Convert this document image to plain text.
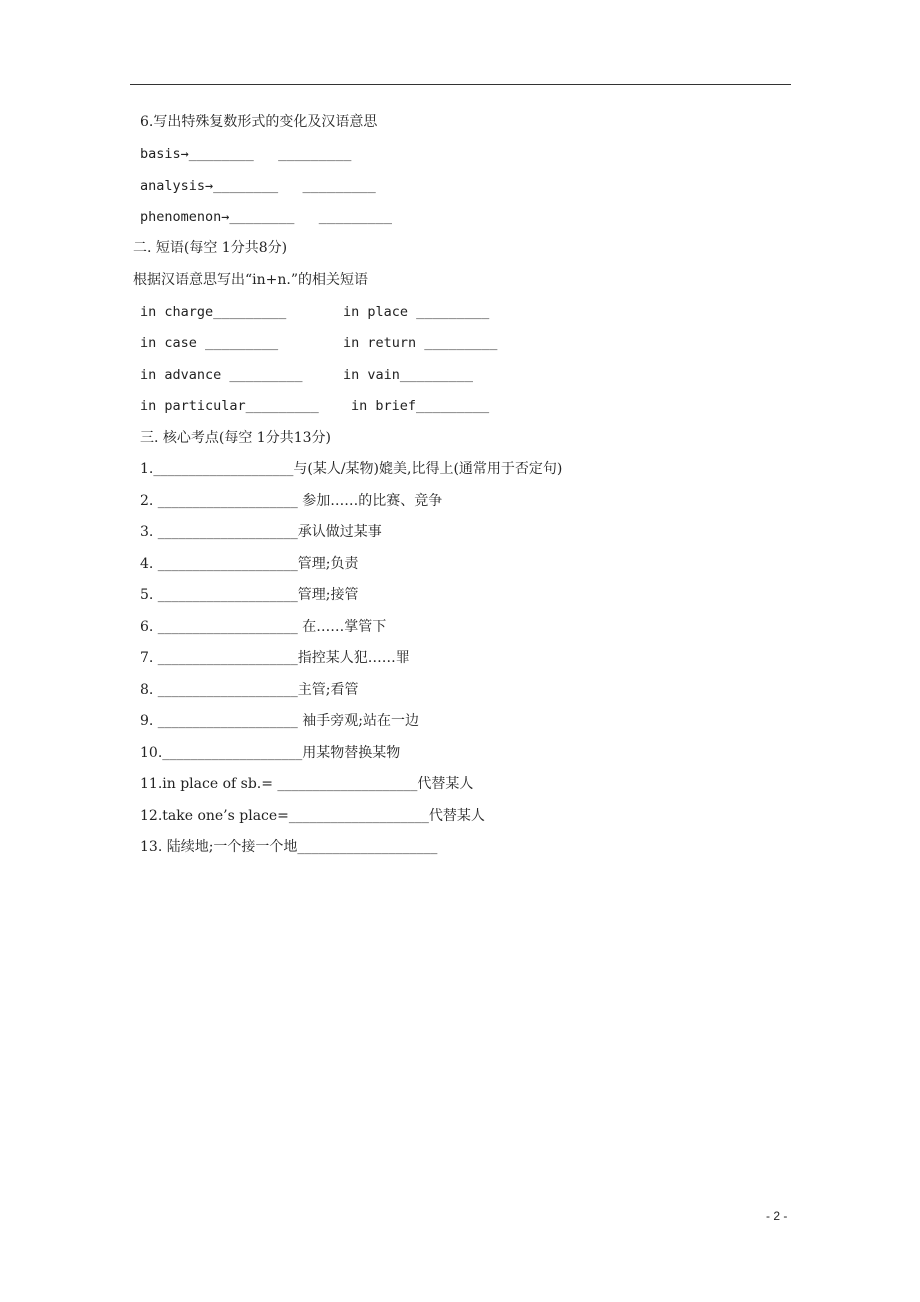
6.写出特殊复数形式的变化及汉语意思
basis→________   _________
analysis→________   _________
phenomenon→________   _________
二. 短语(每空 1分共8分)
根据汉语意思写出“in+n.”的相关短语
in charge_________	in place _________
in case _________	in return _________
in advance _________	in vain_________
in particular_________ in brief_________
三. 核心考点(每空 1分共13分)
1.____________________与(某人/某物)媲美,比得上(通常用于否定句)
2. ____________________ 参加……的比赛、竞争
3. ____________________承认做过某事
4. ____________________管理;负责
5. ____________________管理;接管
6. ____________________ 在……掌管下
7. ____________________指控某人犯……罪
8. ____________________主管;看管
9. ____________________ 袖手旁观;站在一边
10.____________________用某物替换某物
11.in place of sb.= ____________________代替某人
12.take one’s place=____________________代替某人
13. 陆续地;一个接一个地____________________
- 2 -
